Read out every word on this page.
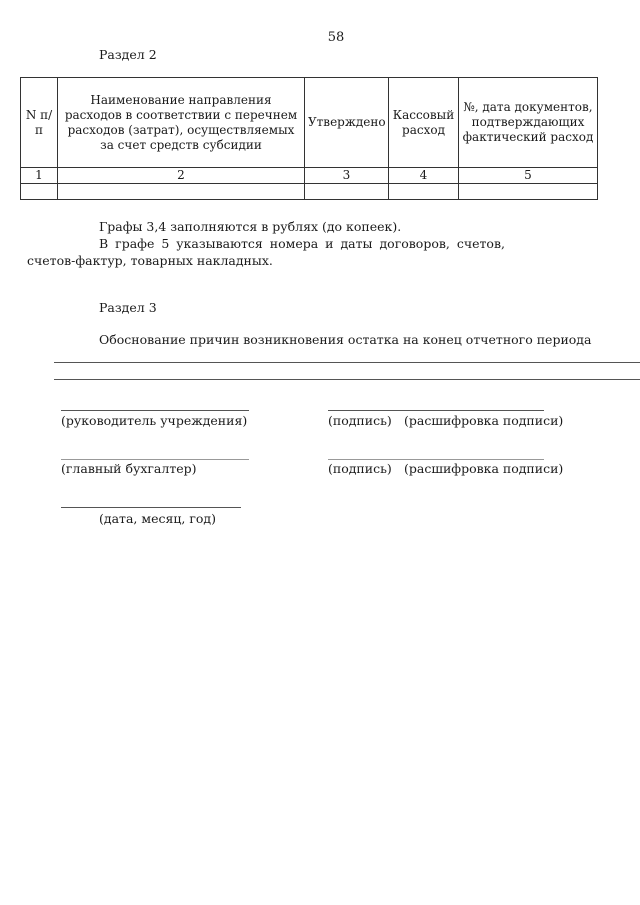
58
Раздел 2
N п/п	Наименование направления расходов в соответствии с перечнем расходов (затрат), осуществляемых за счет средств субсидии	Утверждено	Кассовый расход	№, дата документов, подтверждающих фактический расход
1	2	3	4	5

Графы 3,4 заполняются в рублях (до копеек).
В графе 5 указываются номера и даты договоров, счетов,
счетов-фактур, товарных накладных.
Раздел 3
Обоснование причин возникновения остатка на конец отчетного периода
(руководитель учреждения)	(подпись) (расшифровка подписи)
(главный бухгалтер)	(подпись) (расшифровка подписи)
(дата, месяц, год)
